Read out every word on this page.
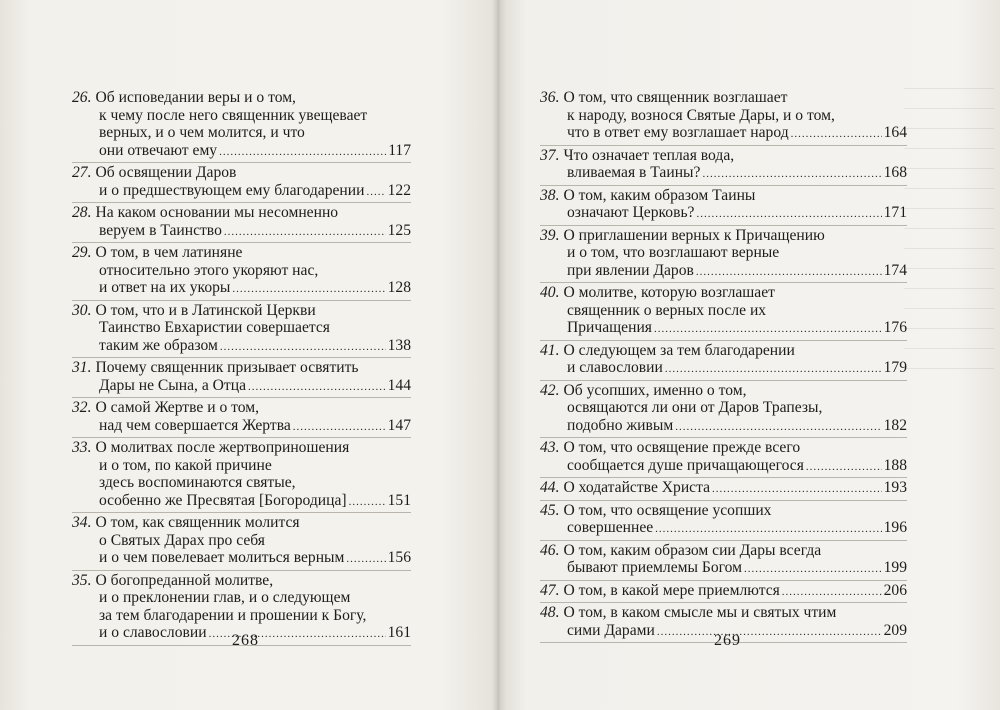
26. Об исповедании веры и о том,
к чему после него священник увещевает
верных, и о чем молится, и что
они отвечают ему .....	117
27. Об освящении Даров
и о предшествующем ему благодарении ..... 122
28. На каком основании мы несомненно
веруем в Таинство .....	125
29. О том, в чем латиняне
относительно этого укоряют нас,
и ответ на их укоры .....	128
30. О том, что и в Латинской Церкви
Таинство Евхаристии совершается
таким же образом .....	138
31. Почему священник призывает освятить
Дары не Сына, а Отца .....	144
32. О самой Жертве и о том,
над чем совершается Жертва .....	147
33. О молитвах после жертвоприношения
и о том, по какой причине
здесь воспоминаются святые,
особенно же Пресвятая [Богородица] .....	151
34. О том, как священник молится
о Святых Дарах про себя
и о чем повелевает молиться верным .....	156
35. О богопреданной молитве,
и о преклонении глав, и о следующем
за тем благодарении и прошении к Богу,
и о славословии .....	161
268
36. О том, что священник возглашает
к народу, вознося Святые Дары, и о том,
что в ответ ему возглашает народ .....	164
37. Что означает теплая вода,
вливаемая в Таины? .....	168
38. О том, каким образом Таины
означают Церковь? .....	171
39. О приглашении верных к Причащению
и о том, что возглашают верные
при явлении Даров .....	174
40. О молитве, которую возглашает
священник о верных после их
Причащения .....	176
41. О следующем за тем благодарении
и славословии .....	179
42. Об усопших, именно о том,
освящаются ли они от Даров Трапезы,
подобно живым .....	182
43. О том, что освящение прежде всего
сообщается душе причащающегося .....	188
44. О ходатайстве Христа .....	193
45. О том, что освящение усопших
совершеннее .....	196
46. О том, каким образом сии Дары всегда
бывают приемлемы Богом .....	199
47. О том, в какой мере приемлются .....	206
48. О том, в каком смысле мы и святых чтим
сими Дарами .....	209
269
